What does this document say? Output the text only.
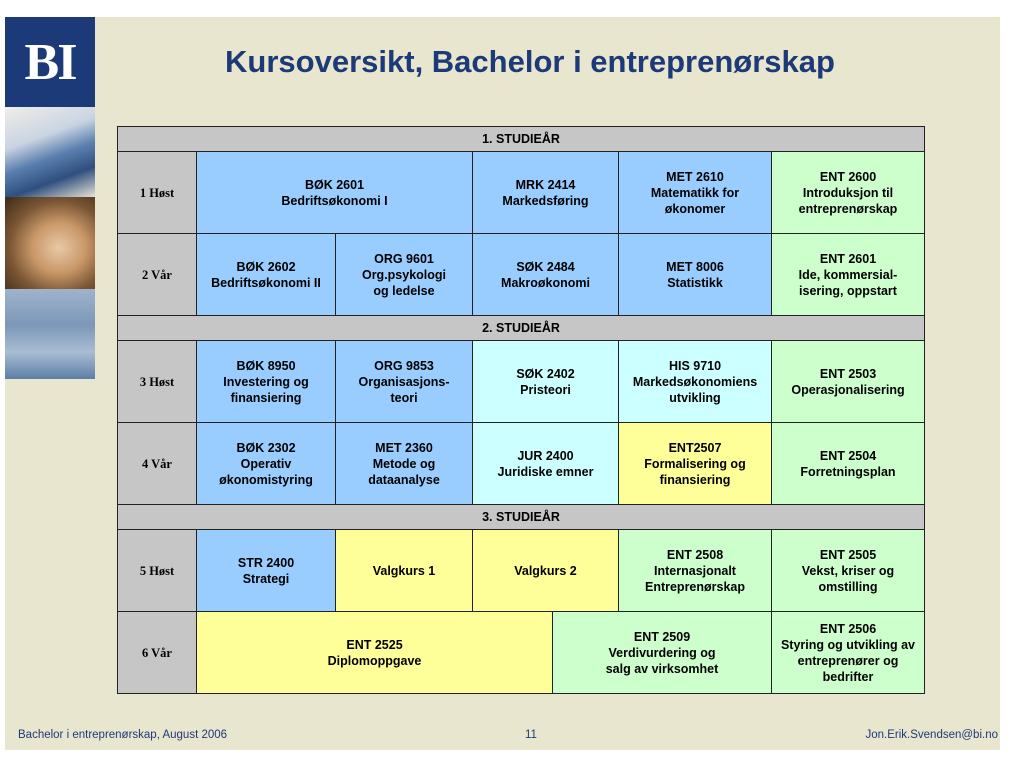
BI	Kursoversikt, Bachelor i entreprenørskap
1. STUDIEÅR						
1 Høst	BØK 2601
Bedriftsøkonomi I		MRK 2414
Markedsføring		MET 2610
Matematikk for
økonomer	ENT 2600
Introduksjon til
entreprenørskap

2 Vår	BØK 2602
Bedriftsøkonomi II	ORG 9601
Org.psykologi
og ledelse	SØK 2484
Makroøkonomi		MET 8006
Statistikk	ENT 2601
Ide, kommersial-
isering, oppstart

2. STUDIEÅR						
3 Høst	BØK 8950
Investering og
finansiering	ORG 9853
Organisasjons-
teori	SØK 2402
Pristeori		HIS 9710
Markedsøkonomiens
utvikling	ENT 2503
Operasjonalisering

4 Vår	BØK 2302
Operativ
økonomistyring	MET 2360
Metode og
dataanalyse	JUR 2400
Juridiske emner		ENT2507
Formalisering og
finansiering	ENT 2504
Forretningsplan

3. STUDIEÅR						
5 Høst	STR 2400
Strategi	Valgkurs 1	Valgkurs 2		ENT 2508
Internasjonalt
Entreprenørskap	ENT 2505
Vekst, kriser og
omstilling

6 Vår	ENT 2525
Diplomoppgave			ENT 2509
Verdivurdering og
salg av virksomhet		ENT 2506
Styring og utvikling av
entreprenører og bedrifter
Bachelor i entreprenørskap, August 2006	11	Jon.Erik.Svendsen@bi.no
